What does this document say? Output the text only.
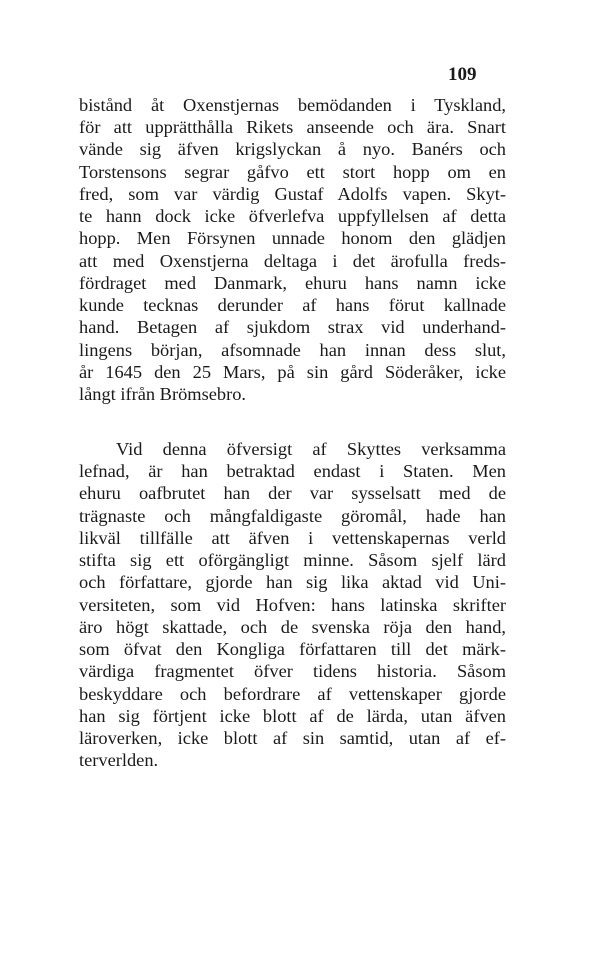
109
bistånd åt Oxenstjernas bemödanden i Tyskland,
för att upprätthålla Rikets anseende och ära. Snart
vände sig äfven krigslyckan å nyo. Banérs och
Torstensons segrar gåfvo ett stort hopp om en
fred, som var värdig Gustaf Adolfs vapen. Skyt-
te hann dock icke öfverlefva uppfyllelsen af detta
hopp. Men Försynen unnade honom den glädjen
att med Oxenstjerna deltaga i det ärofulla freds-
fördraget med Danmark, ehuru hans namn icke
kunde tecknas derunder af hans förut kallnade
hand. Betagen af sjukdom strax vid underhand-
lingens början, afsomnade han innan dess slut,
år 1645 den 25 Mars, på sin gård Söderåker, icke
långt ifrån Brömsebro.
Vid denna öfversigt af Skyttes verksamma
lefnad, är han betraktad endast i Staten. Men
ehuru oafbrutet han der var sysselsatt med de
trägnaste och mångfaldigaste göromål, hade han
likväl tillfälle att äfven i vettenskapernas verld
stifta sig ett oförgängligt minne. Såsom sjelf lärd
och författare, gjorde han sig lika aktad vid Uni-
versiteten, som vid Hofven: hans latinska skrifter
äro högt skattade, och de svenska röja den hand,
som öfvat den Kongliga författaren till det märk-
värdiga fragmentet öfver tidens historia. Såsom
beskyddare och befordrare af vettenskaper gjorde
han sig förtjent icke blott af de lärda, utan äfven
läroverken, icke blott af sin samtid, utan af ef-
terverlden.
